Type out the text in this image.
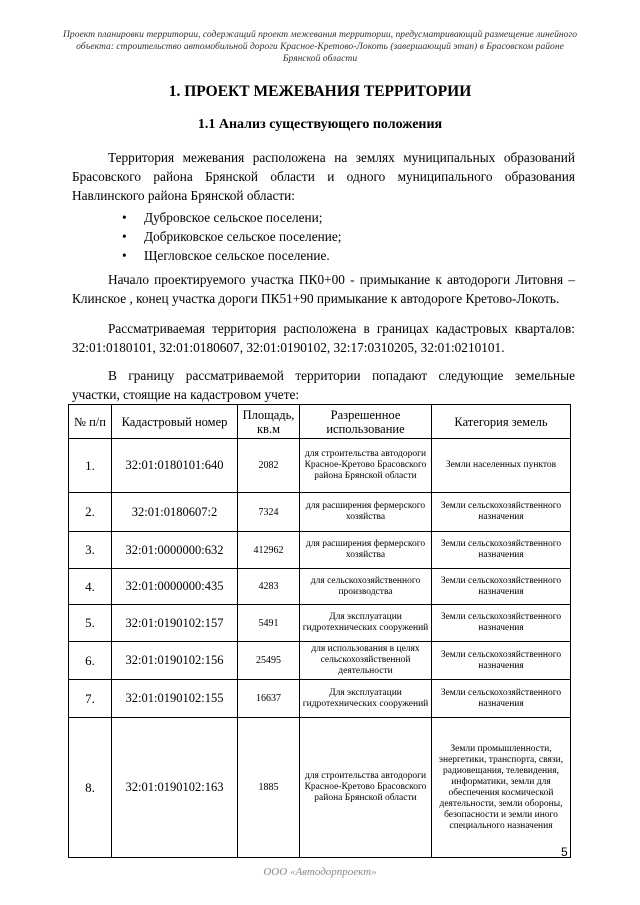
Проект планировки территории, содержащий проект межевания территории, предусматривающий размещение линейного объекта: строительство автомобильной дороги Красное-Кретово-Локоть (завершающий этап) в Брасовском районе Брянской области
1. ПРОЕКТ МЕЖЕВАНИЯ ТЕРРИТОРИИ
1.1 Анализ существующего положения

Территория межевания расположена на землях муниципальных образований Брасовского района Брянской области и одного муниципального образования Навлинского района Брянской области:

• Дубровское сельское поселени;
• Добриковское сельское поселение;
• Щегловское сельское поселение.

Начало проектируемого участка ПК0+00 - примыкание к автодороги Литовня – Клинское , конец участка дороги ПК51+90 примыкание к автодороге Кретово-Локоть.

Рассматриваемая территория расположена в границах кадастровых кварталов: 32:01:0180101, 32:01:0180607, 32:01:0190102, 32:17:0310205, 32:01:0210101.

В границу рассматриваемой территории попадают следующие земельные участки, стоящие на кадастровом учете:

№ п/п	Кадастровый номер	Площадь, кв.м	Разрешенное использование	Категория земель
1.	32:01:0180101:640	2082	для строительства автодороги Красное-Кретово Брасовского района Брянской области	Земли населенных пунктов
2.	32:01:0180607:2	7324	для расширения фермерского хозяйства	Земли сельскохозяйственного назначения
3.	32:01:0000000:632	412962	для расширения фермерского хозяйства	Земли сельскохозяйственного назначения
4.	32:01:0000000:435	4283	для сельскохозяйственного производства	Земли сельскохозяйственного назначения
5.	32:01:0190102:157	5491	Для эксплуатации гидротехнических сооружений	Земли сельскохозяйственного назначения
6.	32:01:0190102:156	25495	для использования в целях сельскохозяйственной деятельности	Земли сельскохозяйственного назначения
7.	32:01:0190102:155	16637	Для эксплуатации гидротехнических сооружений	Земли сельскохозяйственного назначения
8.	32:01:0190102:163	1885	для строительства автодороги Красное-Кретово Брасовского района Брянской области	Земли промышленности, энергетики, транспорта, связи, радиовещания, телевидения, информатики, земли для обеспечения космической деятельности, земли обороны, безопасности и земли иного специального назначения
5
ООО «Автодорпроект»
